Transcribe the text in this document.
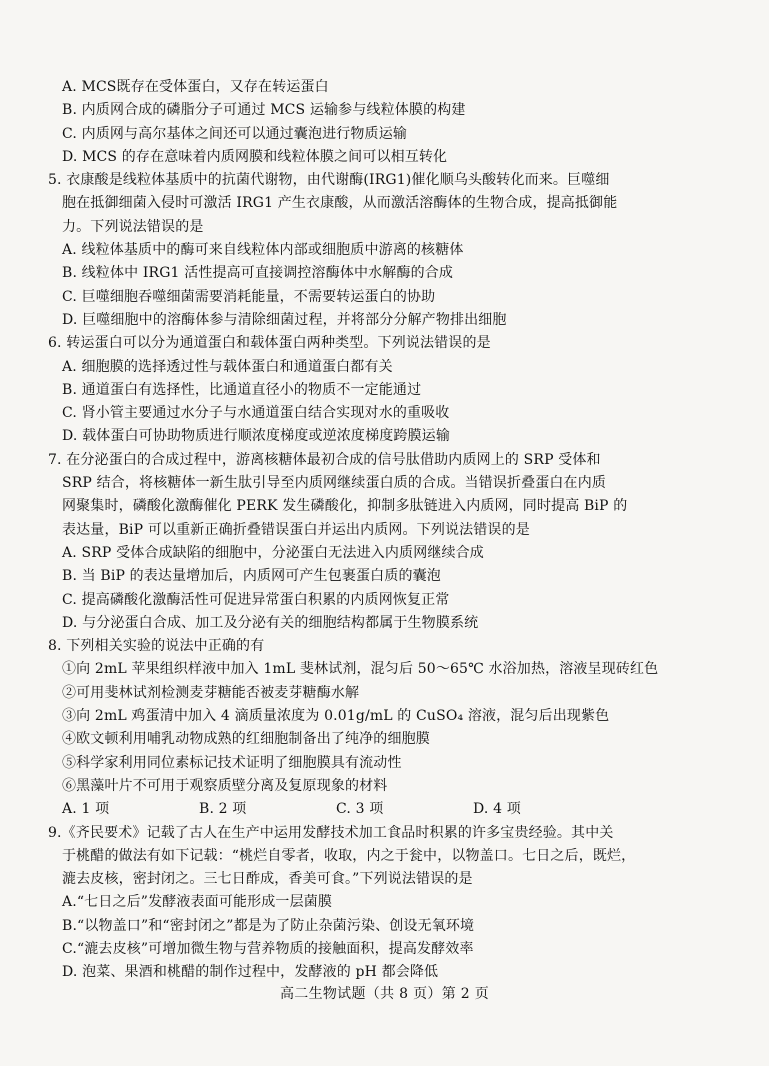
A. MCS既存在受体蛋白，又存在转运蛋白
B. 内质网合成的磷脂分子可通过 MCS 运输参与线粒体膜的构建
C. 内质网与高尔基体之间还可以通过囊泡进行物质运输
D. MCS 的存在意味着内质网膜和线粒体膜之间可以相互转化
5. 衣康酸是线粒体基质中的抗菌代谢物，由代谢酶(IRG1)催化顺乌头酸转化而来。巨噬细
胞在抵御细菌入侵时可激活 IRG1 产生衣康酸，从而激活溶酶体的生物合成，提高抵御能
力。下列说法错误的是
A. 线粒体基质中的酶可来自线粒体内部或细胞质中游离的核糖体
B. 线粒体中 IRG1 活性提高可直接调控溶酶体中水解酶的合成
C. 巨噬细胞吞噬细菌需要消耗能量，不需要转运蛋白的协助
D. 巨噬细胞中的溶酶体参与清除细菌过程，并将部分分解产物排出细胞
6. 转运蛋白可以分为通道蛋白和载体蛋白两种类型。下列说法错误的是
A. 细胞膜的选择透过性与载体蛋白和通道蛋白都有关
B. 通道蛋白有选择性，比通道直径小的物质不一定能通过
C. 肾小管主要通过水分子与水通道蛋白结合实现对水的重吸收
D. 载体蛋白可协助物质进行顺浓度梯度或逆浓度梯度跨膜运输
7. 在分泌蛋白的合成过程中，游离核糖体最初合成的信号肽借助内质网上的 SRP 受体和
SRP 结合，将核糖体一新生肽引导至内质网继续蛋白质的合成。当错误折叠蛋白在内质
网聚集时，磷酸化激酶催化 PERK 发生磷酸化，抑制多肽链进入内质网，同时提高 BiP 的
表达量，BiP 可以重新正确折叠错误蛋白并运出内质网。下列说法错误的是
A. SRP 受体合成缺陷的细胞中，分泌蛋白无法进入内质网继续合成
B. 当 BiP 的表达量增加后，内质网可产生包裹蛋白质的囊泡
C. 提高磷酸化激酶活性可促进异常蛋白积累的内质网恢复正常
D. 与分泌蛋白合成、加工及分泌有关的细胞结构都属于生物膜系统
8. 下列相关实验的说法中正确的有
①向 2mL 苹果组织样液中加入 1mL 斐林试剂，混匀后 50～65℃ 水浴加热，溶液呈现砖红色
②可用斐林试剂检测麦芽糖能否被麦芽糖酶水解
③向 2mL 鸡蛋清中加入 4 滴质量浓度为 0.01g/mL 的 CuSO₄ 溶液，混匀后出现紫色
④欧文顿利用哺乳动物成熟的红细胞制备出了纯净的细胞膜
⑤科学家利用同位素标记技术证明了细胞膜具有流动性
⑥黑藻叶片不可用于观察质壁分离及复原现象的材料
A. 1 项	B. 2 项	C. 3 项	D. 4 项
9.《齐民要术》记载了古人在生产中运用发酵技术加工食品时积累的许多宝贵经验。其中关
于桃醋的做法有如下记载：“桃烂自零者，收取，内之于瓮中，以物盖口。七日之后，既烂，
漉去皮核，密封闭之。三七日酢成，香美可食。”下列说法错误的是
A.“七日之后”发酵液表面可能形成一层菌膜
B.“以物盖口”和“密封闭之”都是为了防止杂菌污染、创设无氧环境
C.“漉去皮核”可增加微生物与营养物质的接触面积，提高发酵效率
D. 泡菜、果酒和桃醋的制作过程中，发酵液的 pH 都会降低
高二生物试题（共 8 页）第 2 页
